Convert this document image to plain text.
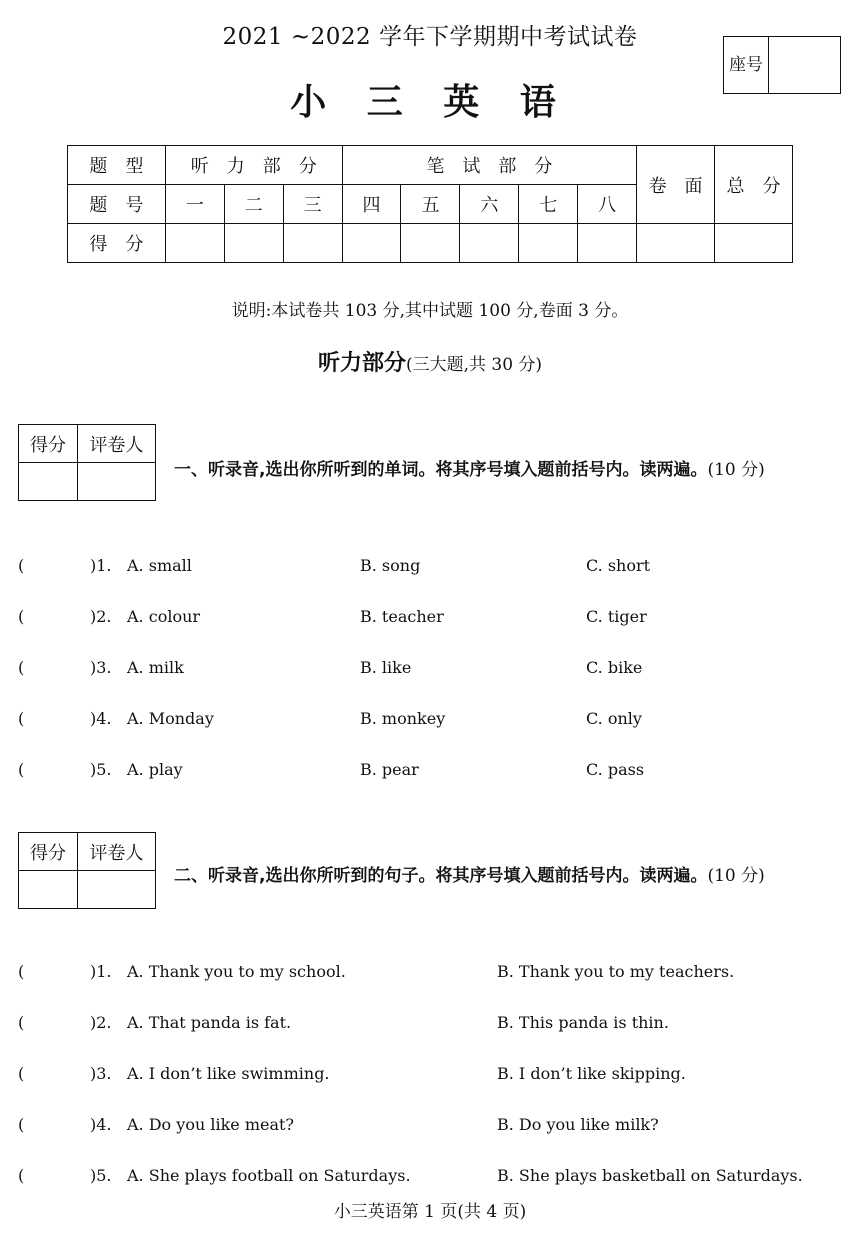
2021 ~2022 学年下学期期中考试试卷
小 三 英 语
座号
题　型	听　力　部　分			笔　试　部　分					卷　面	总　分
题　号	一	二	三	四	五	六	七	八		
得　分										
说明:本试卷共 103 分,其中试题 100 分,卷面 3 分。
听力部分(三大题,共 30 分)
得分	评卷人

一、听录音,选出你所听到的单词。将其序号填入题前括号内。读两遍。(10 分)
(	)1. A. small	B. song	C. short
(	)2. A. colour	B. teacher	C. tiger
(	)3. A. milk	B. like	C. bike
(	)4. A. Monday	B. monkey	C. only
(	)5. A. play	B. pear	C. pass
得分	评卷人

二、听录音,选出你所听到的句子。将其序号填入题前括号内。读两遍。(10 分)
(	)1. A. Thank you to my school.	B. Thank you to my teachers.
(	)2. A. That panda is fat.	B. This panda is thin.
(	)3. A. I don’t like swimming.	B. I don’t like skipping.
(	)4. A. Do you like meat?	B. Do you like milk?
(	)5. A. She plays football on Saturdays.	B. She plays basketball on Saturdays.
小三英语第 1 页(共 4 页)
